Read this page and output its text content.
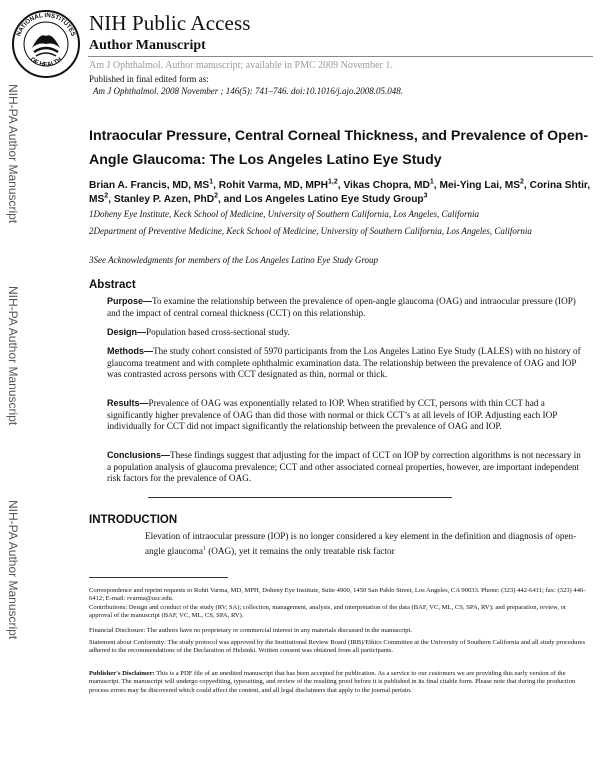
NATIONAL INSTITUTES
OF HEALTH
NIH Public Access
Author Manuscript
Am J Ophthalmol. Author manuscript; available in PMC 2009 November 1.
Published in final edited form as:
Am J Ophthalmol. 2008 November ; 146(5): 741–746. doi:10.1016/j.ajo.2008.05.048.
NIH-PA Author Manuscript
NIH-PA Author Manuscript
NIH-PA Author Manuscript
Intraocular Pressure, Central Corneal Thickness, and Prevalence of Open-Angle Glaucoma: The Los Angeles Latino Eye Study
Brian A. Francis, MD, $MS^1$, Rohit Varma, MD, MPH$^{1,2}$, Vikas Chopra, $MD^1$, Mei-Ying Lai, $MS^2$, Corina Shtir, $MS^2$, Stanley P. Azen, PhD$^2$, and Los Angeles Latino Eye Study Group$^3$
1Doheny Eye Institute, Keck School of Medicine, University of Southern California, Los Angeles, California
2Department of Preventive Medicine, Keck School of Medicine, University of Southern California, Los Angeles, California
3See Acknowledgments for members of the Los Angeles Latino Eye Study Group
Abstract
Purpose—To examine the relationship between the prevalence of open-angle glaucoma (OAG) and intraocular pressure (IOP) and the impact of central corneal thickness (CCT) on this relationship.
Design—Population based cross-sectional study.
Methods—The study cohort consisted of 5970 participants from the Los Angeles Latino Eye Study (LALES) with no history of glaucoma treatment and with complete ophthalmic examination data. The relationship between the prevalence of OAG and IOP was contrasted across persons with CCT designated as thin, normal or thick.
Results—Prevalence of OAG was exponentially related to IOP. When stratified by CCT, persons with thin CCT had a significantly higher prevalence of OAG than did those with normal or thick CCT’s at all levels of IOP. Adjusting each IOP individually for CCT did not impact significantly the relationship between the prevalence of OAG and IOP.
Conclusions—These findings suggest that adjusting for the impact of CCT on IOP by correction algorithms is not necessary in a population analysis of glaucoma prevalence; CCT and other associated corneal properties, however, are important independent risk factors for the prevalence of OAG.
INTRODUCTION
Elevation of intraocular pressure (IOP) is no longer considered a key element in the definition and diagnosis of open-angle glaucoma$^1$ (OAG), yet it remains the only treatable risk factor
Correspondence and reprint requests to Rohit Varma, MD, MPH, Doheny Eye Institute, Suite 4900, 1450 San Pablo Street, Los Angeles, CA 90033. Phone: (323) 442-6411; fax: (323) 446-6412; E-mail: rvarma@usc.edu.
Contributions: Design and conduct of the study (RV, SA); collection, management, analysis, and interpretation of the data (BAF, VC, ML, CS, SPA, RV); and preparation, review, or approval of the manuscript (BAF, VC, ML, CS, SPA, RV).
Financial Disclosure: The authors have no proprietary or commercial interest in any materials discussed in the manuscript.
Statement about Conformity: The study protocol was approved by the Institutional Review Board (IRB)/Ethics Committee at the University of Southern California and all study procedures adhered to the recommendations of the Declaration of Helsinki. Written consent was obtained from all participants.
Publisher's Disclaimer: This is a PDF file of an unedited manuscript that has been accepted for publication. As a service to our customers we are providing this early version of the manuscript. The manuscript will undergo copyediting, typesetting, and review of the resulting proof before it is published in its final citable form. Please note that during the production process errors may be discovered which could affect the content, and all legal disclaimers that apply to the journal pertain.
